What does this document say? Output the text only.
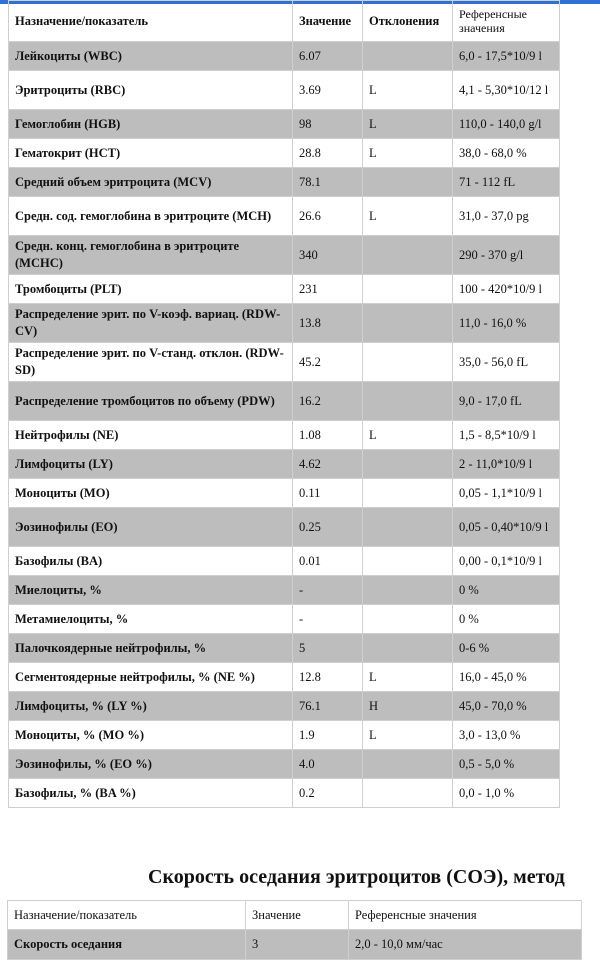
Назначение/показатель	Значение	Отклонения	Референсные значения
Лейкоциты (WBC)	6.07		6,0 - 17,5*10/9 l
Эритроциты (RBC)	3.69	L	4,1 - 5,30*10/12 l
Гемоглобин (HGB)	98	L	110,0 - 140,0 g/l
Гематокрит (HCT)	28.8	L	38,0 - 68,0 %
Средний объем эритроцита (MCV)	78.1		71 - 112 fL
Средн. сод. гемоглобина в эритроците (MCH)	26.6	L	31,0 - 37,0 pg
Средн. конц. гемоглобина в эритроците (MCHC)	340		290 - 370 g/l
Тромбоциты (PLT)	231		100 - 420*10/9 l
Распределение эрит. по V-коэф. вариац. (RDW-CV)	13.8		11,0 - 16,0 %
Распределение эрит. по V-станд. отклон. (RDW-SD)	45.2		35,0 - 56,0 fL
Распределение тромбоцитов по объему (PDW)	16.2		9,0 - 17,0 fL
Нейтрофилы (NE)	1.08	L	1,5 - 8,5*10/9 l
Лимфоциты (LY)	4.62		2 - 11,0*10/9 l
Моноциты (MO)	0.11		0,05 - 1,1*10/9 l
Эозинофилы (EO)	0.25		0,05 - 0,40*10/9 l
Базофилы (BA)	0.01		0,00 - 0,1*10/9 l
Миелоциты, %	-		0 %
Метамиелоциты, %	-		0 %
Палочкоядерные нейтрофилы, %	5		0-6 %
Сегментоядерные нейтрофилы, % (NE %)	12.8	L	16,0 - 45,0 %
Лимфоциты, % (LY %)	76.1	H	45,0 - 70,0 %
Моноциты, % (MO %)	1.9	L	3,0 - 13,0 %
Эозинофилы, % (EO %)	4.0		0,5 - 5,0 %
Базофилы, % (BA %)	0.2		0,0 - 1,0 %
Скорость оседания эритроцитов (СОЭ), метод
Назначение/показатель	Значение	Референсные значения
Скорость оседания	3	2,0 - 10,0 мм/час
